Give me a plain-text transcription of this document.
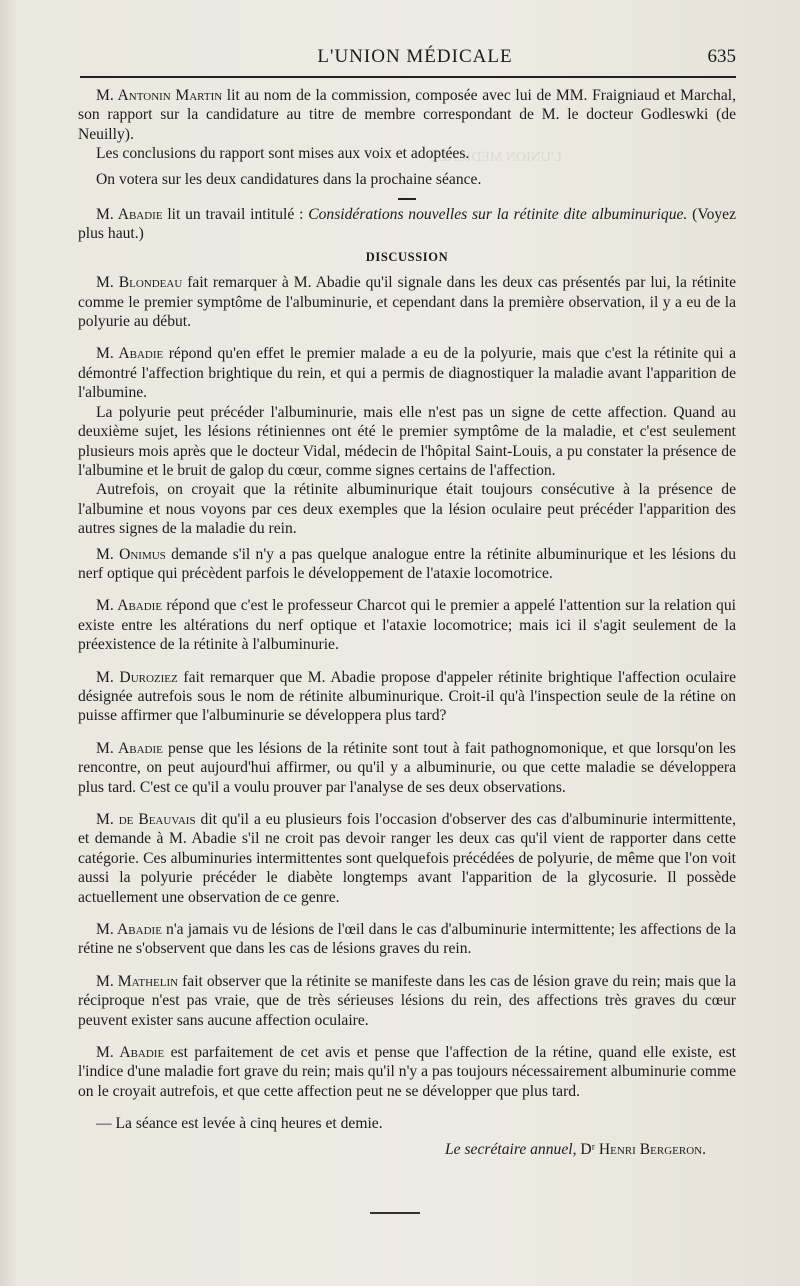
L'UNION MÉDICALE
L'UNION MÉDICALE	635

M. Antonin Martin lit au nom de la commission, composée avec lui de MM. Fraigniaud et Marchal, son rapport sur la candidature au titre de membre correspondant de M. le docteur Godleswki (de Neuilly).

Les conclusions du rapport sont mises aux voix et adoptées.

On votera sur les deux candidatures dans la prochaine séance.

M. Abadie lit un travail intitulé : Considérations nouvelles sur la rétinite dite albuminurique. (Voyez plus haut.)

DISCUSSION

M. Blondeau fait remarquer à M. Abadie qu'il signale dans les deux cas présentés par lui, la rétinite comme le premier symptôme de l'albuminurie, et cependant dans la première observation, il y a eu de la polyurie au début.

M. Abadie répond qu'en effet le premier malade a eu de la polyurie, mais que c'est la rétinite qui a démontré l'affection brightique du rein, et qui a permis de diagnostiquer la maladie avant l'apparition de l'albumine.

La polyurie peut précéder l'albuminurie, mais elle n'est pas un signe de cette affection. Quand au deuxième sujet, les lésions rétiniennes ont été le premier symptôme de la maladie, et c'est seulement plusieurs mois après que le docteur Vidal, médecin de l'hôpital Saint-Louis, a pu constater la présence de l'albumine et le bruit de galop du cœur, comme signes certains de l'affection.

Autrefois, on croyait que la rétinite albuminurique était toujours consécutive à la présence de l'albumine et nous voyons par ces deux exemples que la lésion oculaire peut précéder l'apparition des autres signes de la maladie du rein.

M. Onimus demande s'il n'y a pas quelque analogue entre la rétinite albuminurique et les lésions du nerf optique qui précèdent parfois le développement de l'ataxie locomotrice.

M. Abadie répond que c'est le professeur Charcot qui le premier a appelé l'attention sur la relation qui existe entre les altérations du nerf optique et l'ataxie locomotrice; mais ici il s'agit seulement de la préexistence de la rétinite à l'albuminurie.

M. Duroziez fait remarquer que M. Abadie propose d'appeler rétinite brightique l'affection oculaire désignée autrefois sous le nom de rétinite albuminurique. Croit-il qu'à l'inspection seule de la rétine on puisse affirmer que l'albuminurie se développera plus tard?

M. Abadie pense que les lésions de la rétinite sont tout à fait pathognomonique, et que lorsqu'on les rencontre, on peut aujourd'hui affirmer, ou qu'il y a albuminurie, ou que cette maladie se développera plus tard. C'est ce qu'il a voulu prouver par l'analyse de ses deux observations.

M. de Beauvais dit qu'il a eu plusieurs fois l'occasion d'observer des cas d'albuminurie intermittente, et demande à M. Abadie s'il ne croit pas devoir ranger les deux cas qu'il vient de rapporter dans cette catégorie. Ces albuminuries intermittentes sont quelquefois précédées de polyurie, de même que l'on voit aussi la polyurie précéder le diabète longtemps avant l'apparition de la glycosurie. Il possède actuellement une observation de ce genre.

M. Abadie n'a jamais vu de lésions de l'œil dans le cas d'albuminurie intermittente; les affections de la rétine ne s'observent que dans les cas de lésions graves du rein.

M. Mathelin fait observer que la rétinite se manifeste dans les cas de lésion grave du rein; mais que la réciproque n'est pas vraie, que de très sérieuses lésions du rein, des affections très graves du cœur peuvent exister sans aucune affection oculaire.

M. Abadie est parfaitement de cet avis et pense que l'affection de la rétine, quand elle existe, est l'indice d'une maladie fort grave du rein; mais qu'il n'y a pas toujours nécessairement albuminurie comme on le croyait autrefois, et que cette affection peut ne se développer que plus tard.

— La séance est levée à cinq heures et demie.

Le secrétaire annuel, Dʳ Henri Bergeron.
